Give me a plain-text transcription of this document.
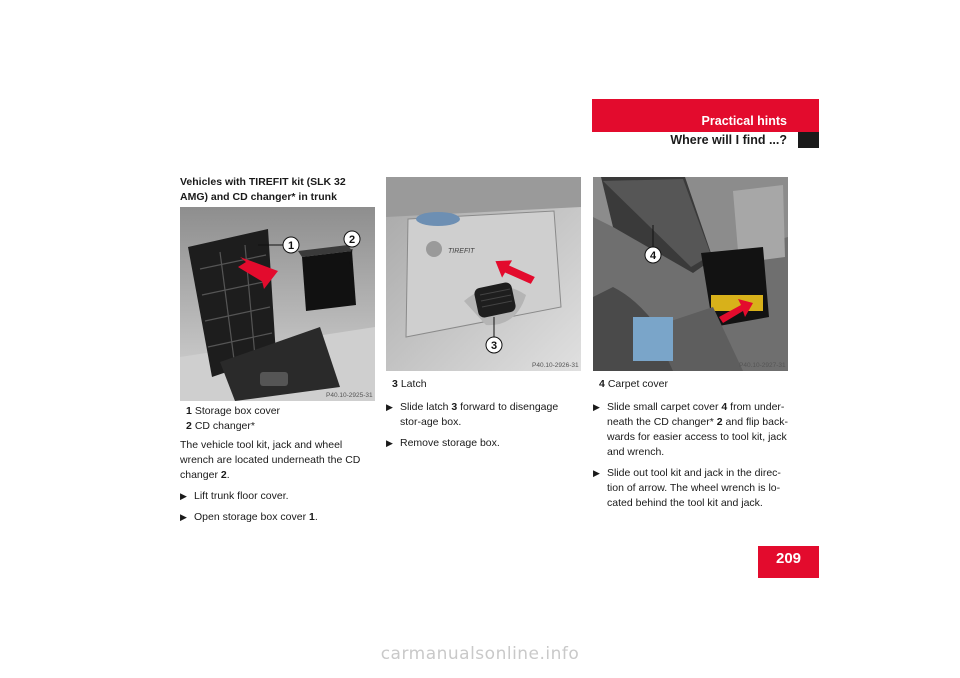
Practical hints
Where will I find ...?

Vehicles with TIREFIT kit (SLK 32 AMG) and CD changer* in trunk

1	2
P40.10-2925-31

1 Storage box cover

2 CD changer*

The vehicle tool kit, jack and wheel wrench are located underneath the CD changer 2.

▶ Lift trunk floor cover.

▶ Open storage box cover 1.

TIREFIT
3
P40.10-2926-31

3 Latch

▶ Slide latch 3 forward to disengage stor-age box.

▶ Remove storage box.

4
P40.10-2927-31

4 Carpet cover

▶ Slide small carpet cover 4 from under-neath the CD changer* 2 and flip back-wards for easier access to tool kit, jack and wrench.

▶ Slide out tool kit and jack in the direc-tion of arrow. The wheel wrench is lo-cated behind the tool kit and jack.

209
carmanualsonline.info
